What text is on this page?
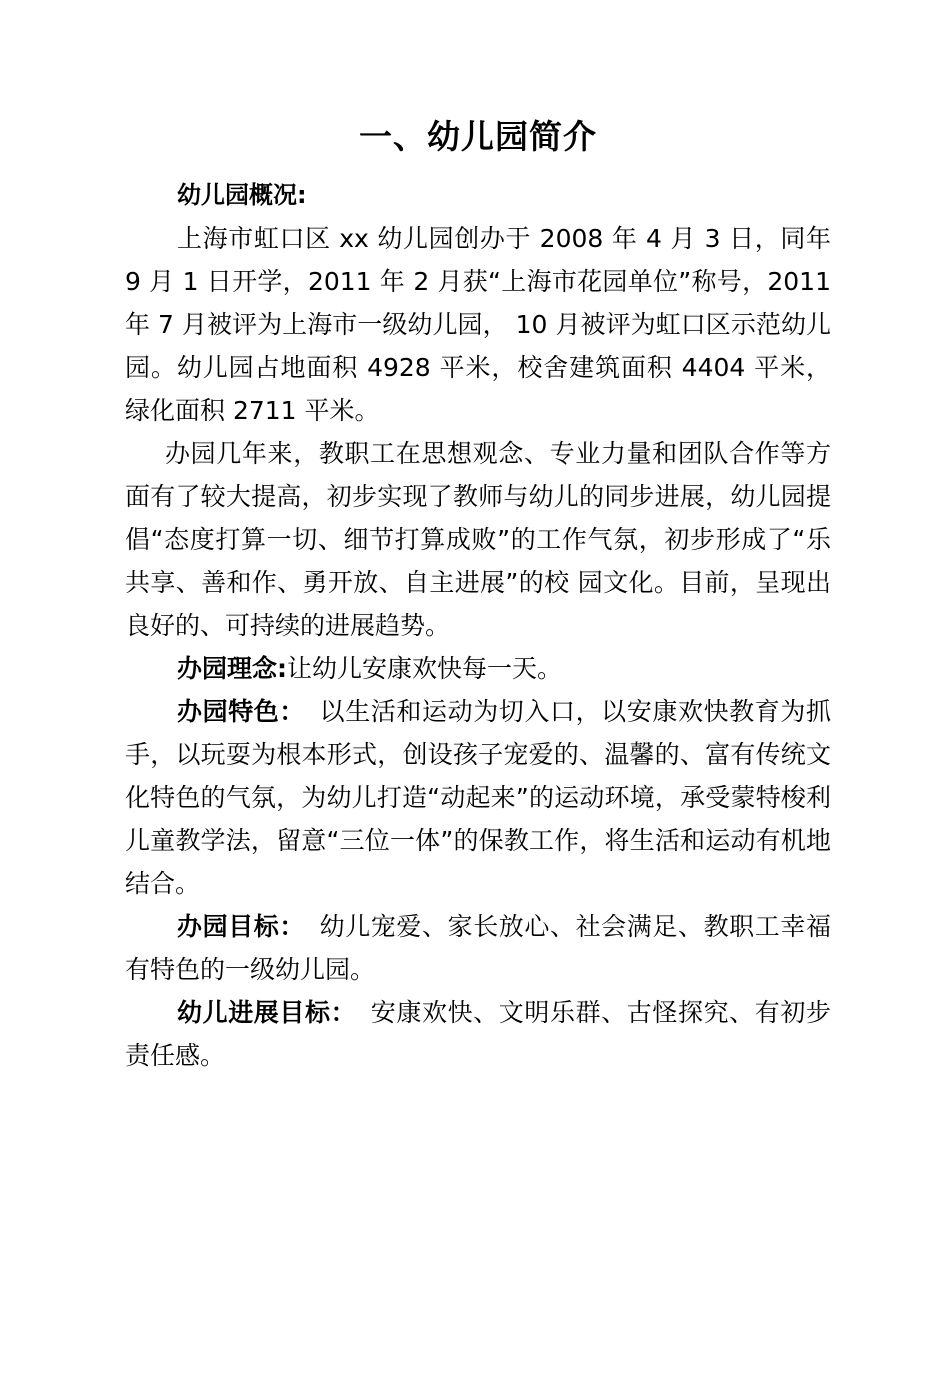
一、幼儿园简介

幼儿园概况:

上海市虹口区 xx 幼儿园创办于 2008 年 4 月 3 日，同年 9 月 1 日开学，2011 年 2 月获“上海市花园单位”称号，2011 年 7 月被评为上海市一级幼儿园， 10 月被评为虹口区示范幼儿园。幼儿园占地面积 4928 平米，校舍建筑面积 4404 平米， 绿化面积 2711 平米。

办园几年来，教职工在思想观念、专业力量和团队合作等方面有了较大提高，初步实现了教师与幼儿的同步进展，幼儿园提倡“态度打算一切、细节打算成败”的工作气氛，初步形成了“乐共享、善和作、勇开放、自主进展”的校 园文化。目前，呈现出良好的、可持续的进展趋势。

办园理念:让幼儿安康欢快每一天。

办园特色： 以生活和运动为切入口，以安康欢快教育为抓手，以玩耍为根本形式，创设孩子宠爱的、温馨的、富有传统文化特色的气氛，为幼儿打造“动起来”的运动环境，承受蒙特梭利儿童教学法，留意“三位一体”的保教工作，将生活和运动有机地结合。

办园目标： 幼儿宠爱、家长放心、社会满足、教职工幸福有特色的一级幼儿园。

幼儿进展目标： 安康欢快、文明乐群、古怪探究、有初步责任感。
